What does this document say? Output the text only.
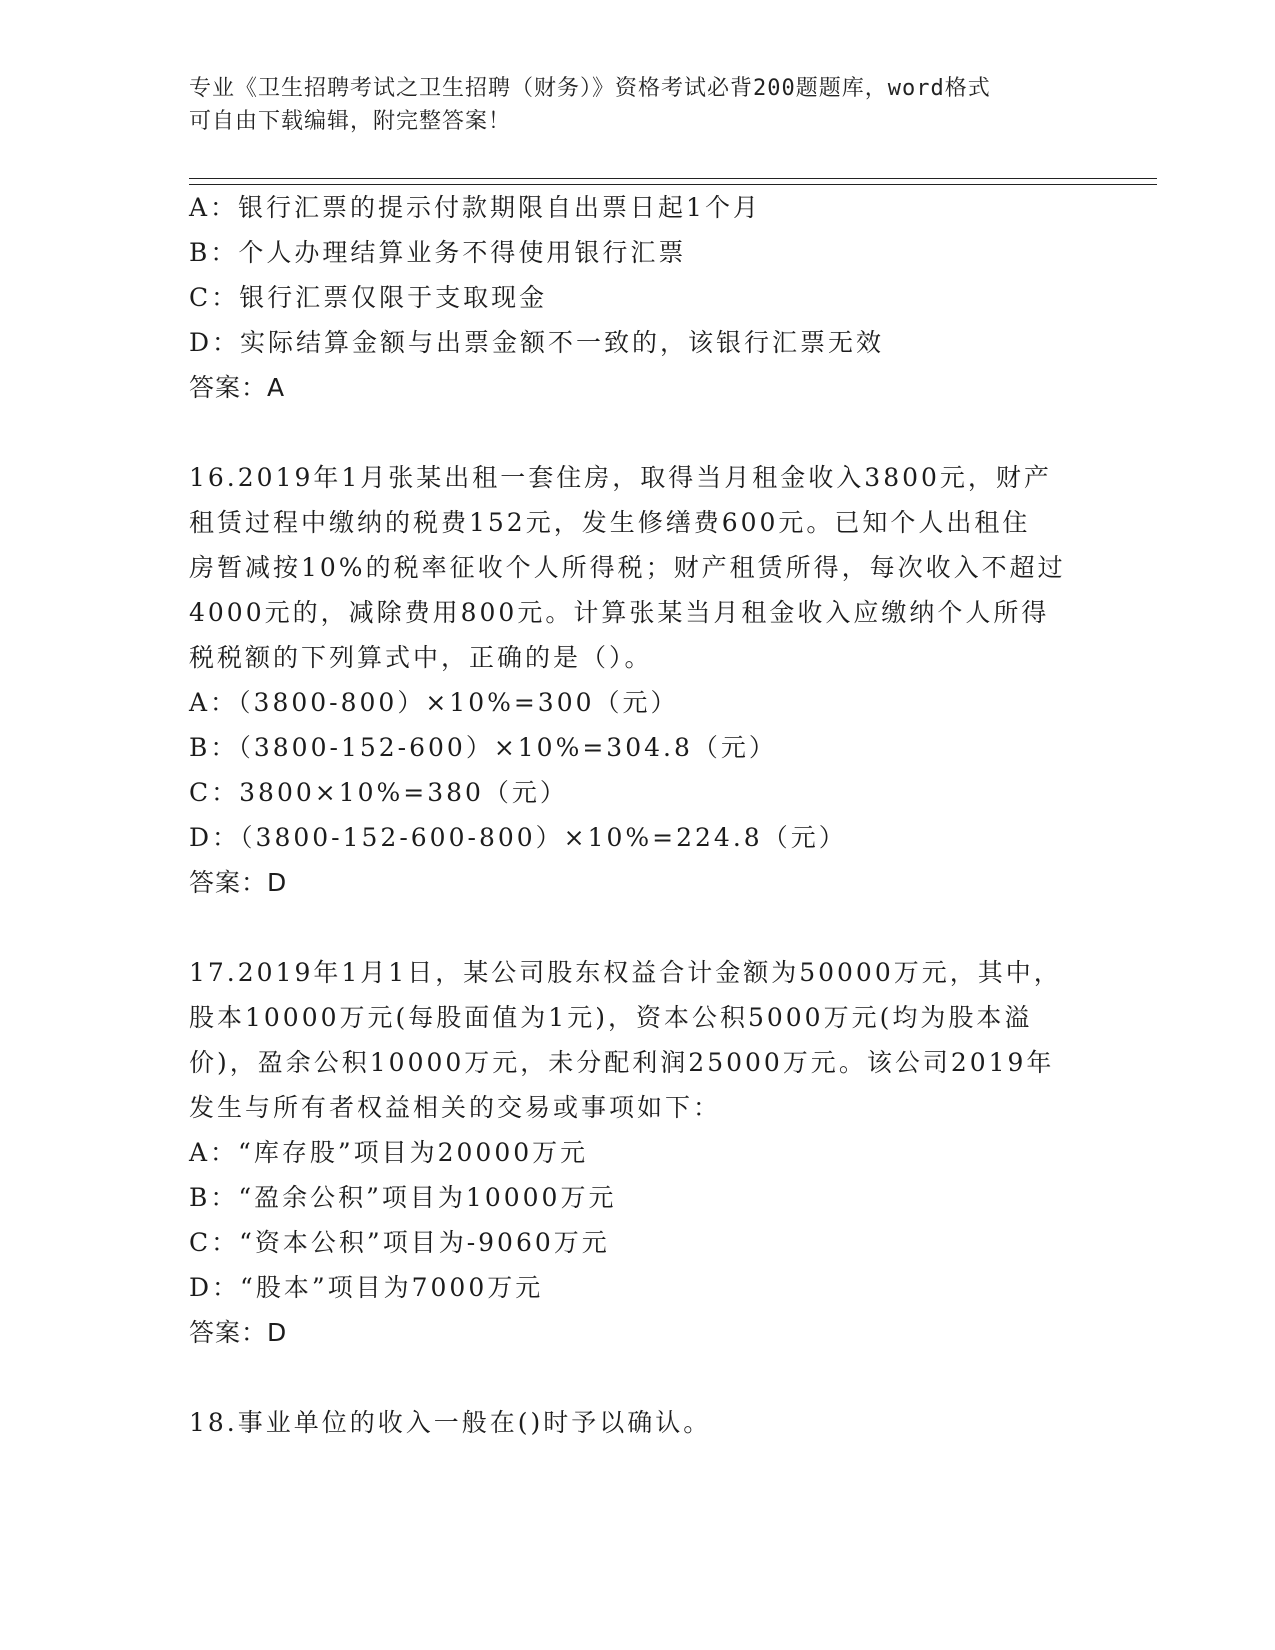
专业《卫生招聘考试之卫生招聘（财务）》资格考试必背200题题库，word格式
可自由下载编辑，附完整答案！
A：银行汇票的提示付款期限自出票日起1个月
B：个人办理结算业务不得使用银行汇票
C：银行汇票仅限于支取现金
D：实际结算金额与出票金额不一致的，该银行汇票无效
答案：A
16.2019年1月张某出租一套住房，取得当月租金收入3800元，财产
租赁过程中缴纳的税费152元，发生修缮费600元。已知个人出租住
房暂减按10%的税率征收个人所得税；财产租赁所得，每次收入不超过
4000元的，减除费用800元。计算张某当月租金收入应缴纳个人所得
税税额的下列算式中，正确的是（）。
A：（3800-800）×10%=300（元）
B：（3800-152-600）×10%=304.8（元）
C：3800×10%=380（元）
D：（3800-152-600-800）×10%=224.8（元）
答案：D
17.2019年1月1日，某公司股东权益合计金额为50000万元，其中，
股本10000万元(每股面值为1元)，资本公积5000万元(均为股本溢
价)，盈余公积10000万元，未分配利润25000万元。该公司2019年
发生与所有者权益相关的交易或事项如下：
A：“库存股”项目为20000万元
B：“盈余公积”项目为10000万元
C：“资本公积”项目为-9060万元
D：“股本”项目为7000万元
答案：D
18.事业单位的收入一般在()时予以确认。
